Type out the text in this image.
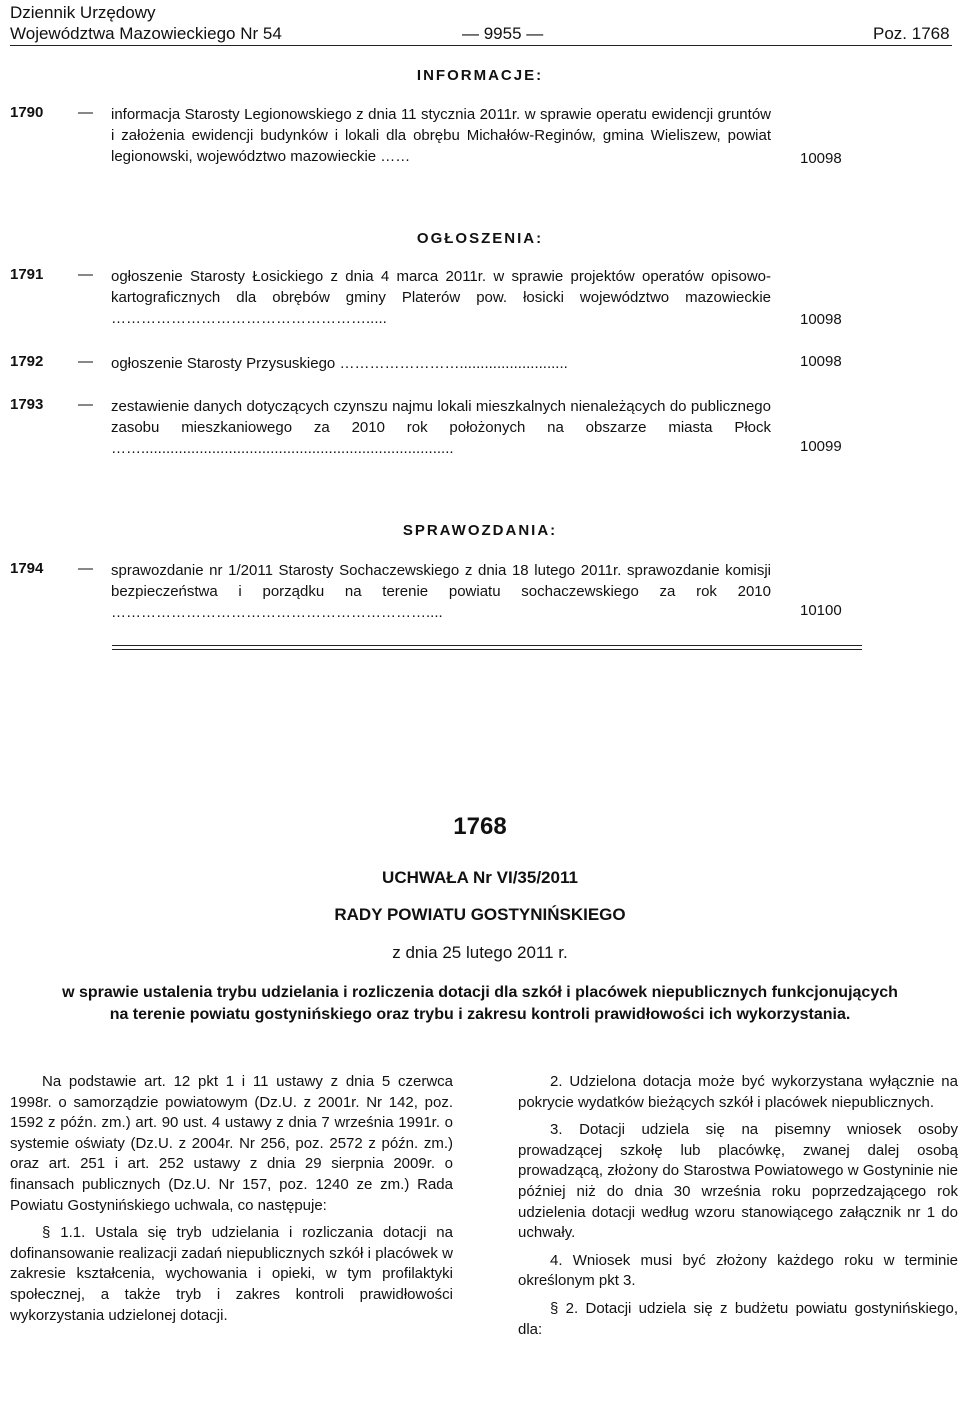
Dziennik Urzędowy
Województwa Mazowieckiego Nr 54	— 9955 —	Poz. 1768
INFORMACJE:
1790 — informacja Starosty Legionowskiego z dnia 11 stycznia 2011r. w sprawie operatu ewidencji gruntów i założenia ewidencji budynków i lokali dla obrębu Michałów-Reginów, gmina Wieliszew, powiat legionowski, województwo mazowieckie ……	10098
OGŁOSZENIA:
1791 — ogłoszenie Starosty Łosickiego z dnia 4 marca 2011r. w sprawie projektów operatów opisowo-kartograficznych dla obrębów gminy Platerów pow. łosicki województwo mazowieckie …………………………………………….....	10098
1792 — ogłoszenie Starosty Przysuskiego ……………………..........................	10098
1793 — zestawienie danych dotyczących czynszu najmu lokali mieszkalnych nienależących do publicznego zasobu mieszkaniowego za 2010 rok położonych na obszarze miasta Płock ……...........................................................................	10099
SPRAWOZDANIA:
1794 — sprawozdanie nr 1/2011 Starosty Sochaczewskiego z dnia 18 lutego 2011r. sprawozdanie komisji bezpieczeństwa i porządku na terenie powiatu sochaczewskiego za rok 2010 ………………………………………………………....	10100
1768
UCHWAŁA Nr VI/35/2011
RADY POWIATU GOSTYNIŃSKIEGO
z dnia 25 lutego 2011 r.
w sprawie ustalenia trybu udzielania i rozliczenia dotacji dla szkół i placówek niepublicznych funkcjonujących na terenie powiatu gostynińskiego oraz trybu i zakresu kontroli prawidłowości ich wykorzystania.

Na podstawie art. 12 pkt 1 i 11 ustawy z dnia 5 czerwca 1998r. o samorządzie powiatowym (Dz.U. z 2001r. Nr 142, poz. 1592 z późn. zm.) art. 90 ust. 4 ustawy z dnia 7 września 1991r. o systemie oświaty (Dz.U. z 2004r. Nr 256, poz. 2572 z późn. zm.) oraz art. 251 i art. 252 ustawy z dnia 29 sierpnia 2009r. o finansach publicznych (Dz.U. Nr 157, poz. 1240 ze zm.) Rada Powiatu Gostynińskiego uchwala, co następuje:

§ 1.1. Ustala się tryb udzielania i rozliczania dotacji na dofinansowanie realizacji zadań niepublicznych szkół i placówek w zakresie kształcenia, wychowania i opieki, w tym profilaktyki społecznej, a także tryb i zakres kontroli prawidłowości wykorzystania udzielonej dotacji.

2. Udzielona dotacja może być wykorzystana wyłącznie na pokrycie wydatków bieżących szkół i placówek niepublicznych.

3. Dotacji udziela się na pisemny wniosek osoby prowadzącej szkołę lub placówkę, zwanej dalej osobą prowadzącą, złożony do Starostwa Powiatowego w Gostyninie nie później niż do dnia 30 września roku poprzedzającego rok udzielenia dotacji według wzoru stanowiącego załącznik nr 1 do uchwały.

4. Wniosek musi być złożony każdego roku w terminie określonym pkt 3.

§ 2. Dotacji udziela się z budżetu powiatu gostynińskiego, dla:
